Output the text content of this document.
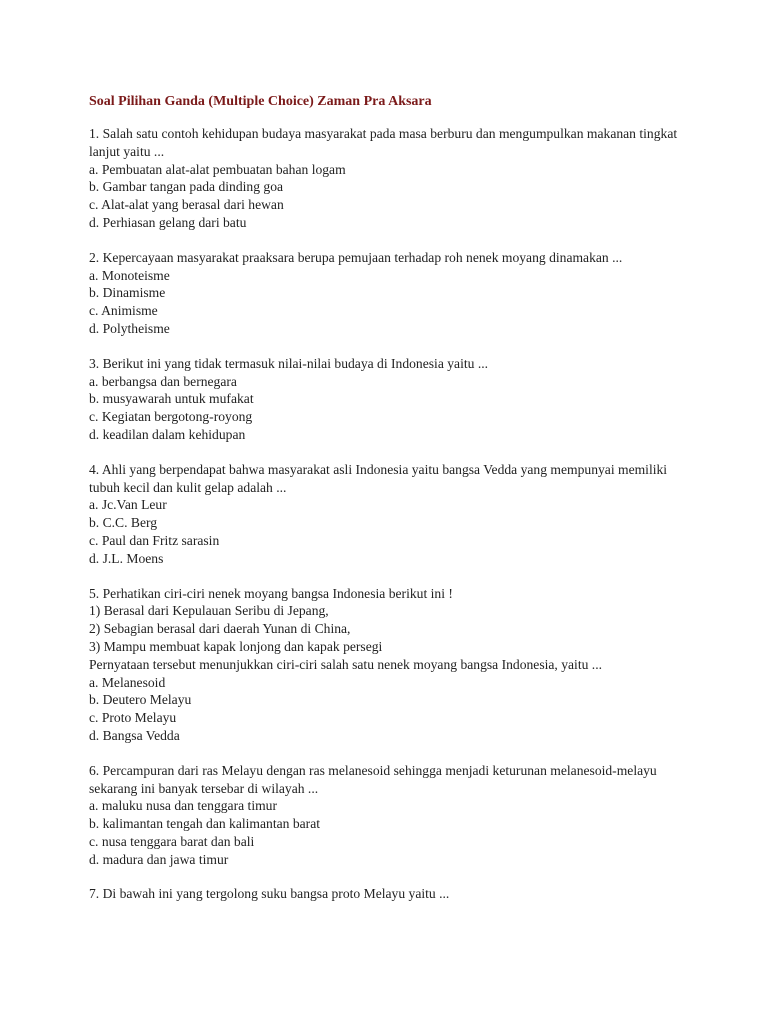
Soal Pilihan Ganda (Multiple Choice) Zaman Pra Aksara

1. Salah satu contoh kehidupan budaya masyarakat pada masa berburu dan mengumpulkan makanan tingkat lanjut yaitu ...

a. Pembuatan alat-alat pembuatan bahan logam

b. Gambar tangan pada dinding goa

c. Alat-alat yang berasal dari hewan

d. Perhiasan gelang dari batu

2. Kepercayaan masyarakat praaksara berupa pemujaan terhadap roh nenek moyang dinamakan ...

a. Monoteisme

b. Dinamisme

c. Animisme

d. Polytheisme

3. Berikut ini yang tidak termasuk nilai-nilai budaya di Indonesia yaitu ...

a. berbangsa dan bernegara

b. musyawarah untuk mufakat

c. Kegiatan bergotong-royong

d. keadilan dalam kehidupan

4. Ahli yang berpendapat bahwa masyarakat asli Indonesia yaitu bangsa Vedda yang mempunyai memiliki tubuh kecil dan kulit gelap adalah ...

a. Jc.Van Leur

b. C.C. Berg

c. Paul dan Fritz sarasin

d. J.L. Moens

5. Perhatikan ciri-ciri nenek moyang bangsa Indonesia berikut ini !

1) Berasal dari Kepulauan Seribu di Jepang,

2) Sebagian berasal dari daerah Yunan di China,

3) Mampu membuat kapak lonjong dan kapak persegi

Pernyataan tersebut menunjukkan ciri-ciri salah satu nenek moyang bangsa Indonesia, yaitu ...

a. Melanesoid

b. Deutero Melayu

c. Proto Melayu

d. Bangsa Vedda

6. Percampuran dari ras Melayu dengan ras melanesoid sehingga menjadi keturunan melanesoid-melayu sekarang ini banyak tersebar di wilayah ...

a. maluku nusa dan tenggara timur

b. kalimantan tengah dan kalimantan barat

c. nusa tenggara barat dan bali

d. madura dan jawa timur

7. Di bawah ini yang tergolong suku bangsa proto Melayu yaitu ...
